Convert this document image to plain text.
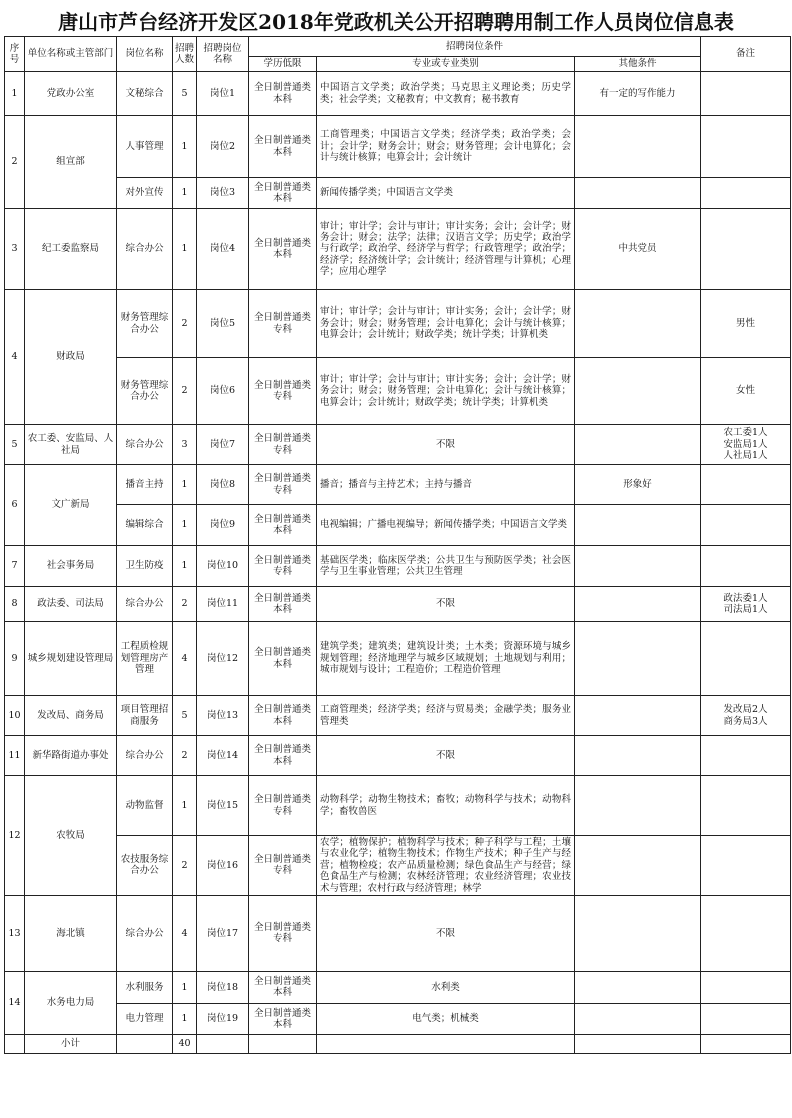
唐山市芦台经济开发区2018年党政机关公开招聘聘用制工作人员岗位信息表
序号	单位名称或主管部门	岗位名称	招聘人数	招聘岗位名称	招聘岗位条件			备注
					学历低限	专业或专业类别	其他条件	
1	党政办公室	文秘综合	5	岗位1	全日制普通类本科	中国语言文学类；政治学类；马克思主义理论类；历史学类；社会学类；文秘教育；中文教育；秘书教育	有一定的写作能力	
2	组宣部	人事管理	1	岗位2	全日制普通类本科	工商管理类；中国语言文学类；经济学类；政治学类；会计；会计学；财务会计；财会；财务管理；会计电算化；会计与统计核算；电算会计；会计统计		
		对外宣传	1	岗位3	全日制普通类本科	新闻传播学类；中国语言文学类		
3	纪工委监察局	综合办公	1	岗位4	全日制普通类本科	审计；审计学；会计与审计；审计实务；会计；会计学；财务会计；财会；法学；法律；汉语言文学；历史学；政治学与行政学；政治学、经济学与哲学；行政管理学；政治学；经济学；经济统计学；会计统计；经济管理与计算机；心理学；应用心理学	中共党员	
4	财政局	财务管理综合办公	2	岗位5	全日制普通类专科	审计；审计学；会计与审计；审计实务；会计；会计学；财务会计；财会；财务管理；会计电算化；会计与统计核算；电算会计；会计统计；财政学类；统计学类；计算机类		男性
		财务管理综合办公	2	岗位6	全日制普通类专科	审计；审计学；会计与审计；审计实务；会计；会计学；财务会计；财会；财务管理；会计电算化；会计与统计核算；电算会计；会计统计；财政学类；统计学类；计算机类		女性
5	农工委、安监局、人社局	综合办公	3	岗位7	全日制普通类专科	不限		农工委1人
安监局1人
人社局1人
6	文广新局	播音主持	1	岗位8	全日制普通类专科	播音；播音与主持艺术；主持与播音	形象好	
		编辑综合	1	岗位9	全日制普通类本科	电视编辑；广播电视编导；新闻传播学类；中国语言文学类		
7	社会事务局	卫生防疫	1	岗位10	全日制普通类专科	基础医学类；临床医学类；公共卫生与预防医学类；社会医学与卫生事业管理；公共卫生管理		
8	政法委、司法局	综合办公	2	岗位11	全日制普通类本科	不限		政法委1人
司法局1人
9	城乡规划建设管理局	工程质检规划管理房产管理	4	岗位12	全日制普通类本科	建筑学类；建筑类；建筑设计类；土木类；资源环境与城乡规划管理；经济地理学与城乡区域规划；土地规划与利用；城市规划与设计；工程造价；工程造价管理		
10	发改局、商务局	项目管理招商服务	5	岗位13	全日制普通类本科	工商管理类；经济学类；经济与贸易类；金融学类；服务业管理类		发改局2人
商务局3人
11	新华路街道办事处	综合办公	2	岗位14	全日制普通类本科	不限		
12	农牧局	动物监督	1	岗位15	全日制普通类专科	动物科学；动物生物技术；畜牧；动物科学与技术；动物科学；畜牧兽医		
		农技服务综合办公	2	岗位16	全日制普通类专科	农学；植物保护；植物科学与技术；种子科学与工程；土壤与农业化学；植物生物技术；作物生产技术；种子生产与经营；植物检疫；农产品质量检测；绿色食品生产与经营；绿色食品生产与检测；农林经济管理；农业经济管理；农业技术与管理；农村行政与经济管理；林学		
13	海北镇	综合办公	4	岗位17	全日制普通类专科	不限		
14	水务电力局	水利服务	1	岗位18	全日制普通类本科	水利类		
		电力管理	1	岗位19	全日制普通类本科	电气类；机械类		
	小计		40					
